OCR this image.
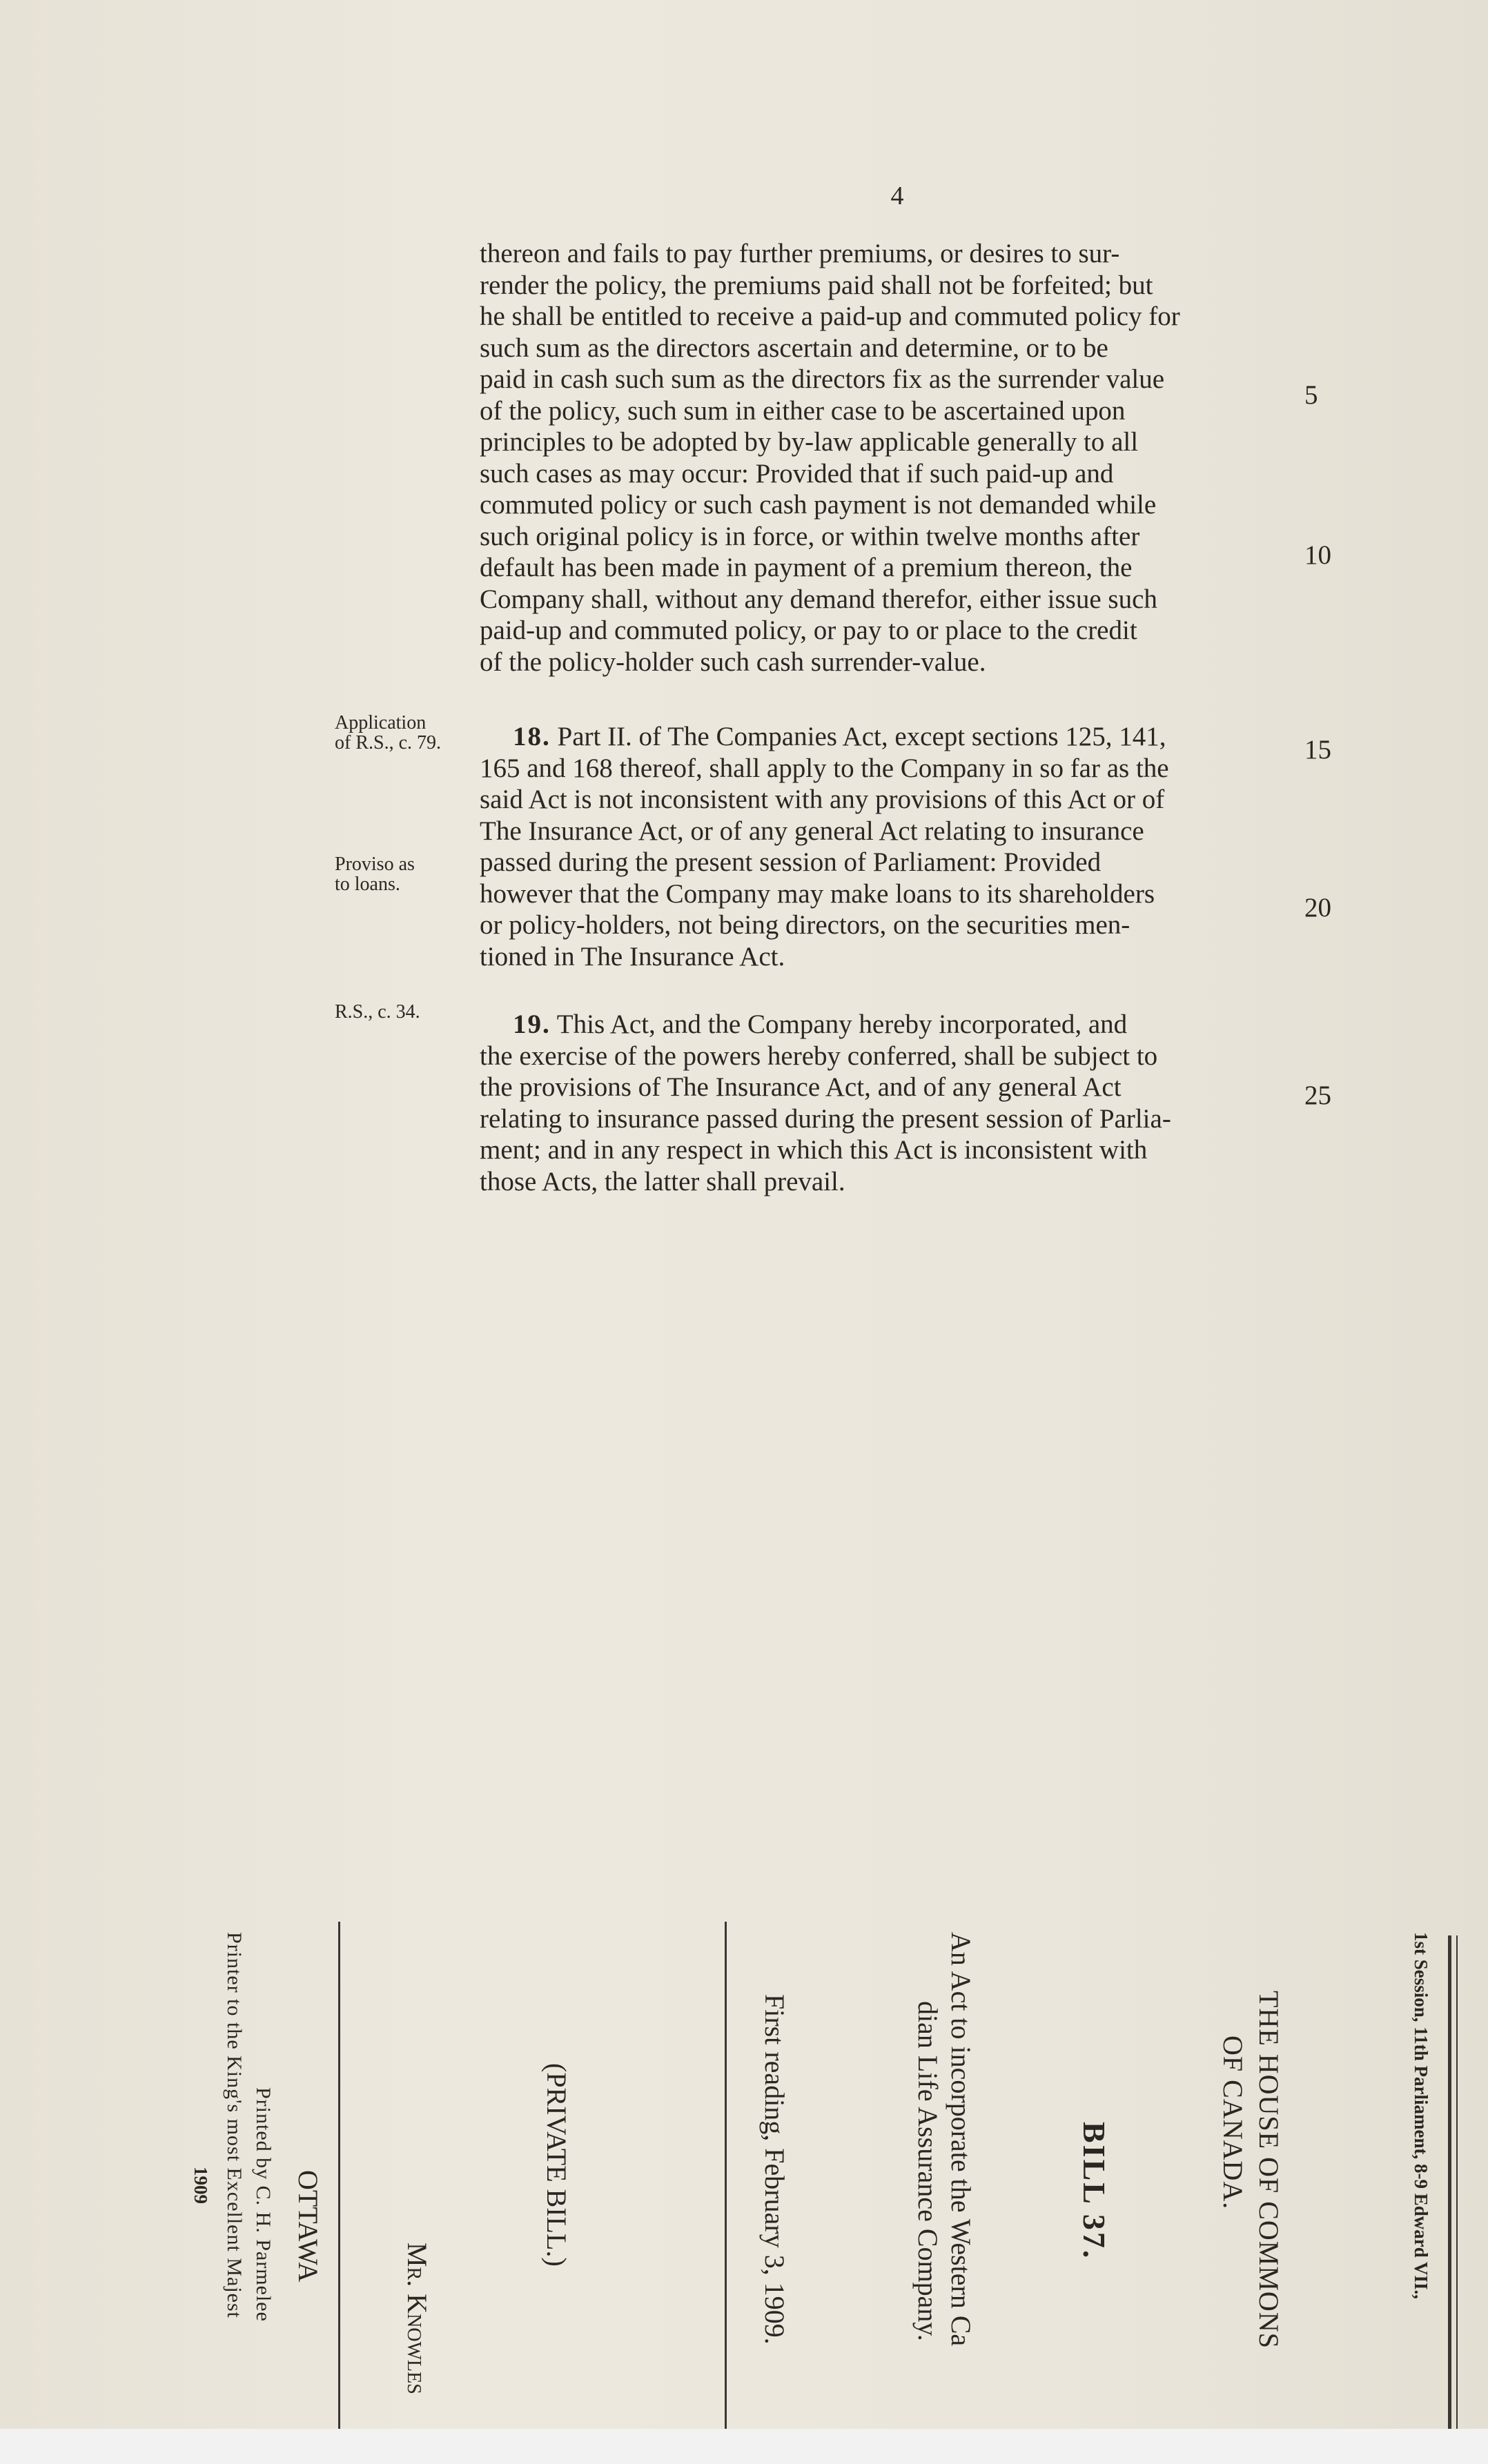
4
thereon and fails to pay further premiums, or desires to sur-
render the policy, the premiums paid shall not be forfeited; but
he shall be entitled to receive a paid-up and commuted policy for
such sum as the directors ascertain and determine, or to be
paid in cash such sum as the directors fix as the surrender value
of the policy, such sum in either case to be ascertained upon
principles to be adopted by by-law applicable generally to all
such cases as may occur: Provided that if such paid-up and
commuted policy or such cash payment is not demanded while
such original policy is in force, or within twelve months after
default has been made in payment of a premium thereon, the
Company shall, without any demand therefor, either issue such
paid-up and commuted policy, or pay to or place to the credit
of the policy-holder such cash surrender-value.
18. Part II. of The Companies Act, except sections 125, 141,
165 and 168 thereof, shall apply to the Company in so far as the
said Act is not inconsistent with any provisions of this Act or of
The Insurance Act, or of any general Act relating to insurance
passed during the present session of Parliament: Provided
however that the Company may make loans to its shareholders
or policy-holders, not being directors, on the securities men-
tioned in The Insurance Act.
19. This Act, and the Company hereby incorporated, and
the exercise of the powers hereby conferred, shall be subject to
the provisions of The Insurance Act, and of any general Act
relating to insurance passed during the present session of Parlia-
ment; and in any respect in which this Act is inconsistent with
those Acts, the latter shall prevail.
Application
of R.S., c. 79.
Proviso as
to loans.
R.S., c. 34.
5
10
15
20
25
1st Session, 11th Parliament, 8-9 Edward VII.,
THE HOUSE OF COMMONS
OF CANADA.
BILL 37.
An Act to incorporate the Western Ca
dian Life Assurance Company.
First reading, February 3, 1909.
(PRIVATE BILL.)
Mr. Knowles
OTTAWA
Printed by C. H. Parmelee
Printer to the King's most Excellent Majest
1909
